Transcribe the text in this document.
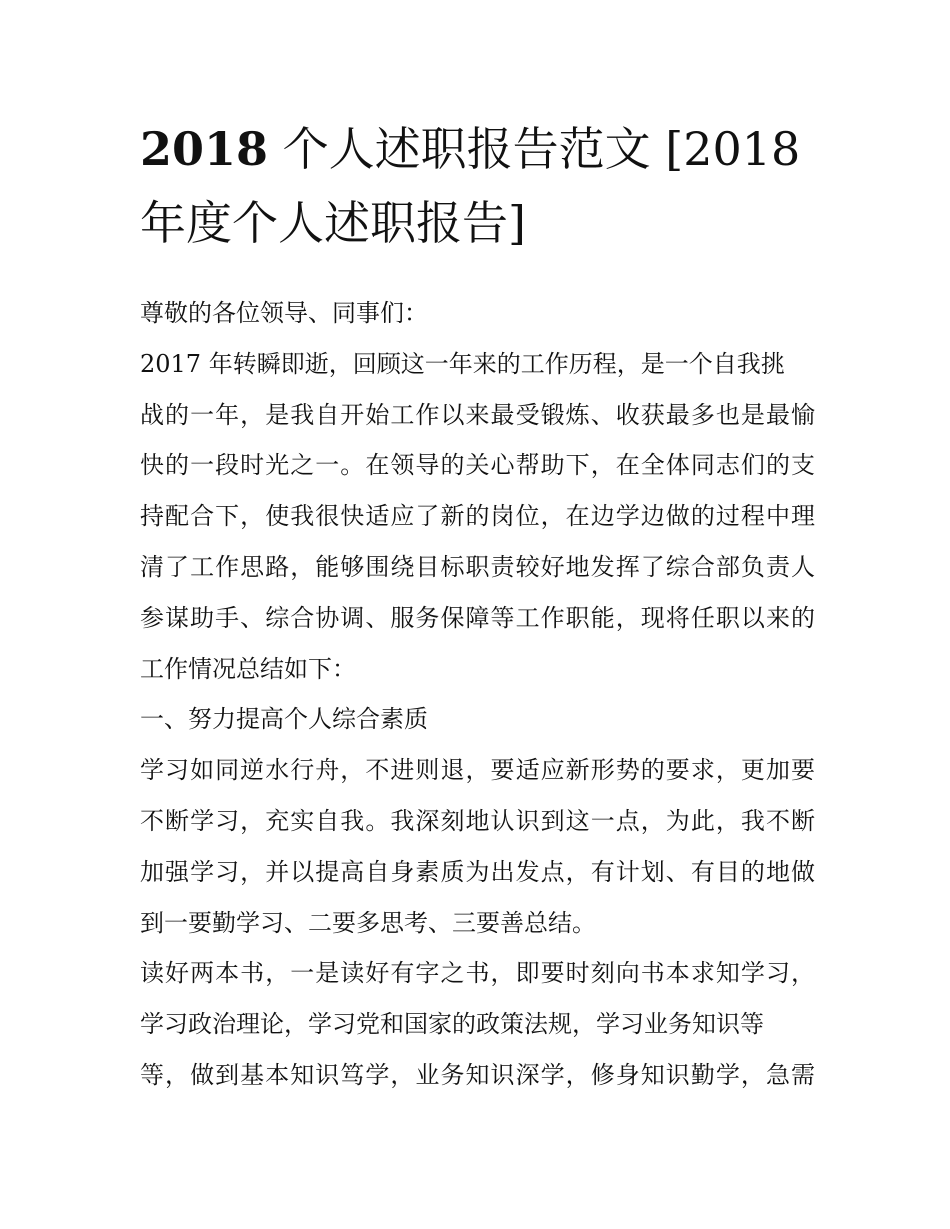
2018 个人述职报告范文 [2018 年度个人述职报告]
尊敬的各位领导、同事们：
2017 年转瞬即逝，回顾这一年来的工作历程，是一个自我挑
战的一年，是我自开始工作以来最受锻炼、收获最多也是最愉
快的一段时光之一。在领导的关心帮助下，在全体同志们的支
持配合下，使我很快适应了新的岗位，在边学边做的过程中理
清了工作思路，能够围绕目标职责较好地发挥了综合部负责人
参谋助手、综合协调、服务保障等工作职能，现将任职以来的
工作情况总结如下：
一、努力提高个人综合素质
学习如同逆水行舟，不进则退，要适应新形势的要求，更加要
不断学习，充实自我。我深刻地认识到这一点，为此，我不断
加强学习，并以提高自身素质为出发点，有计划、有目的地做
到一要勤学习、二要多思考、三要善总结。
读好两本书，一是读好有字之书，即要时刻向书本求知学习，
学习政治理论，学习党和国家的政策法规，学习业务知识等
等，做到基本知识笃学，业务知识深学，修身知识勤学，急需
